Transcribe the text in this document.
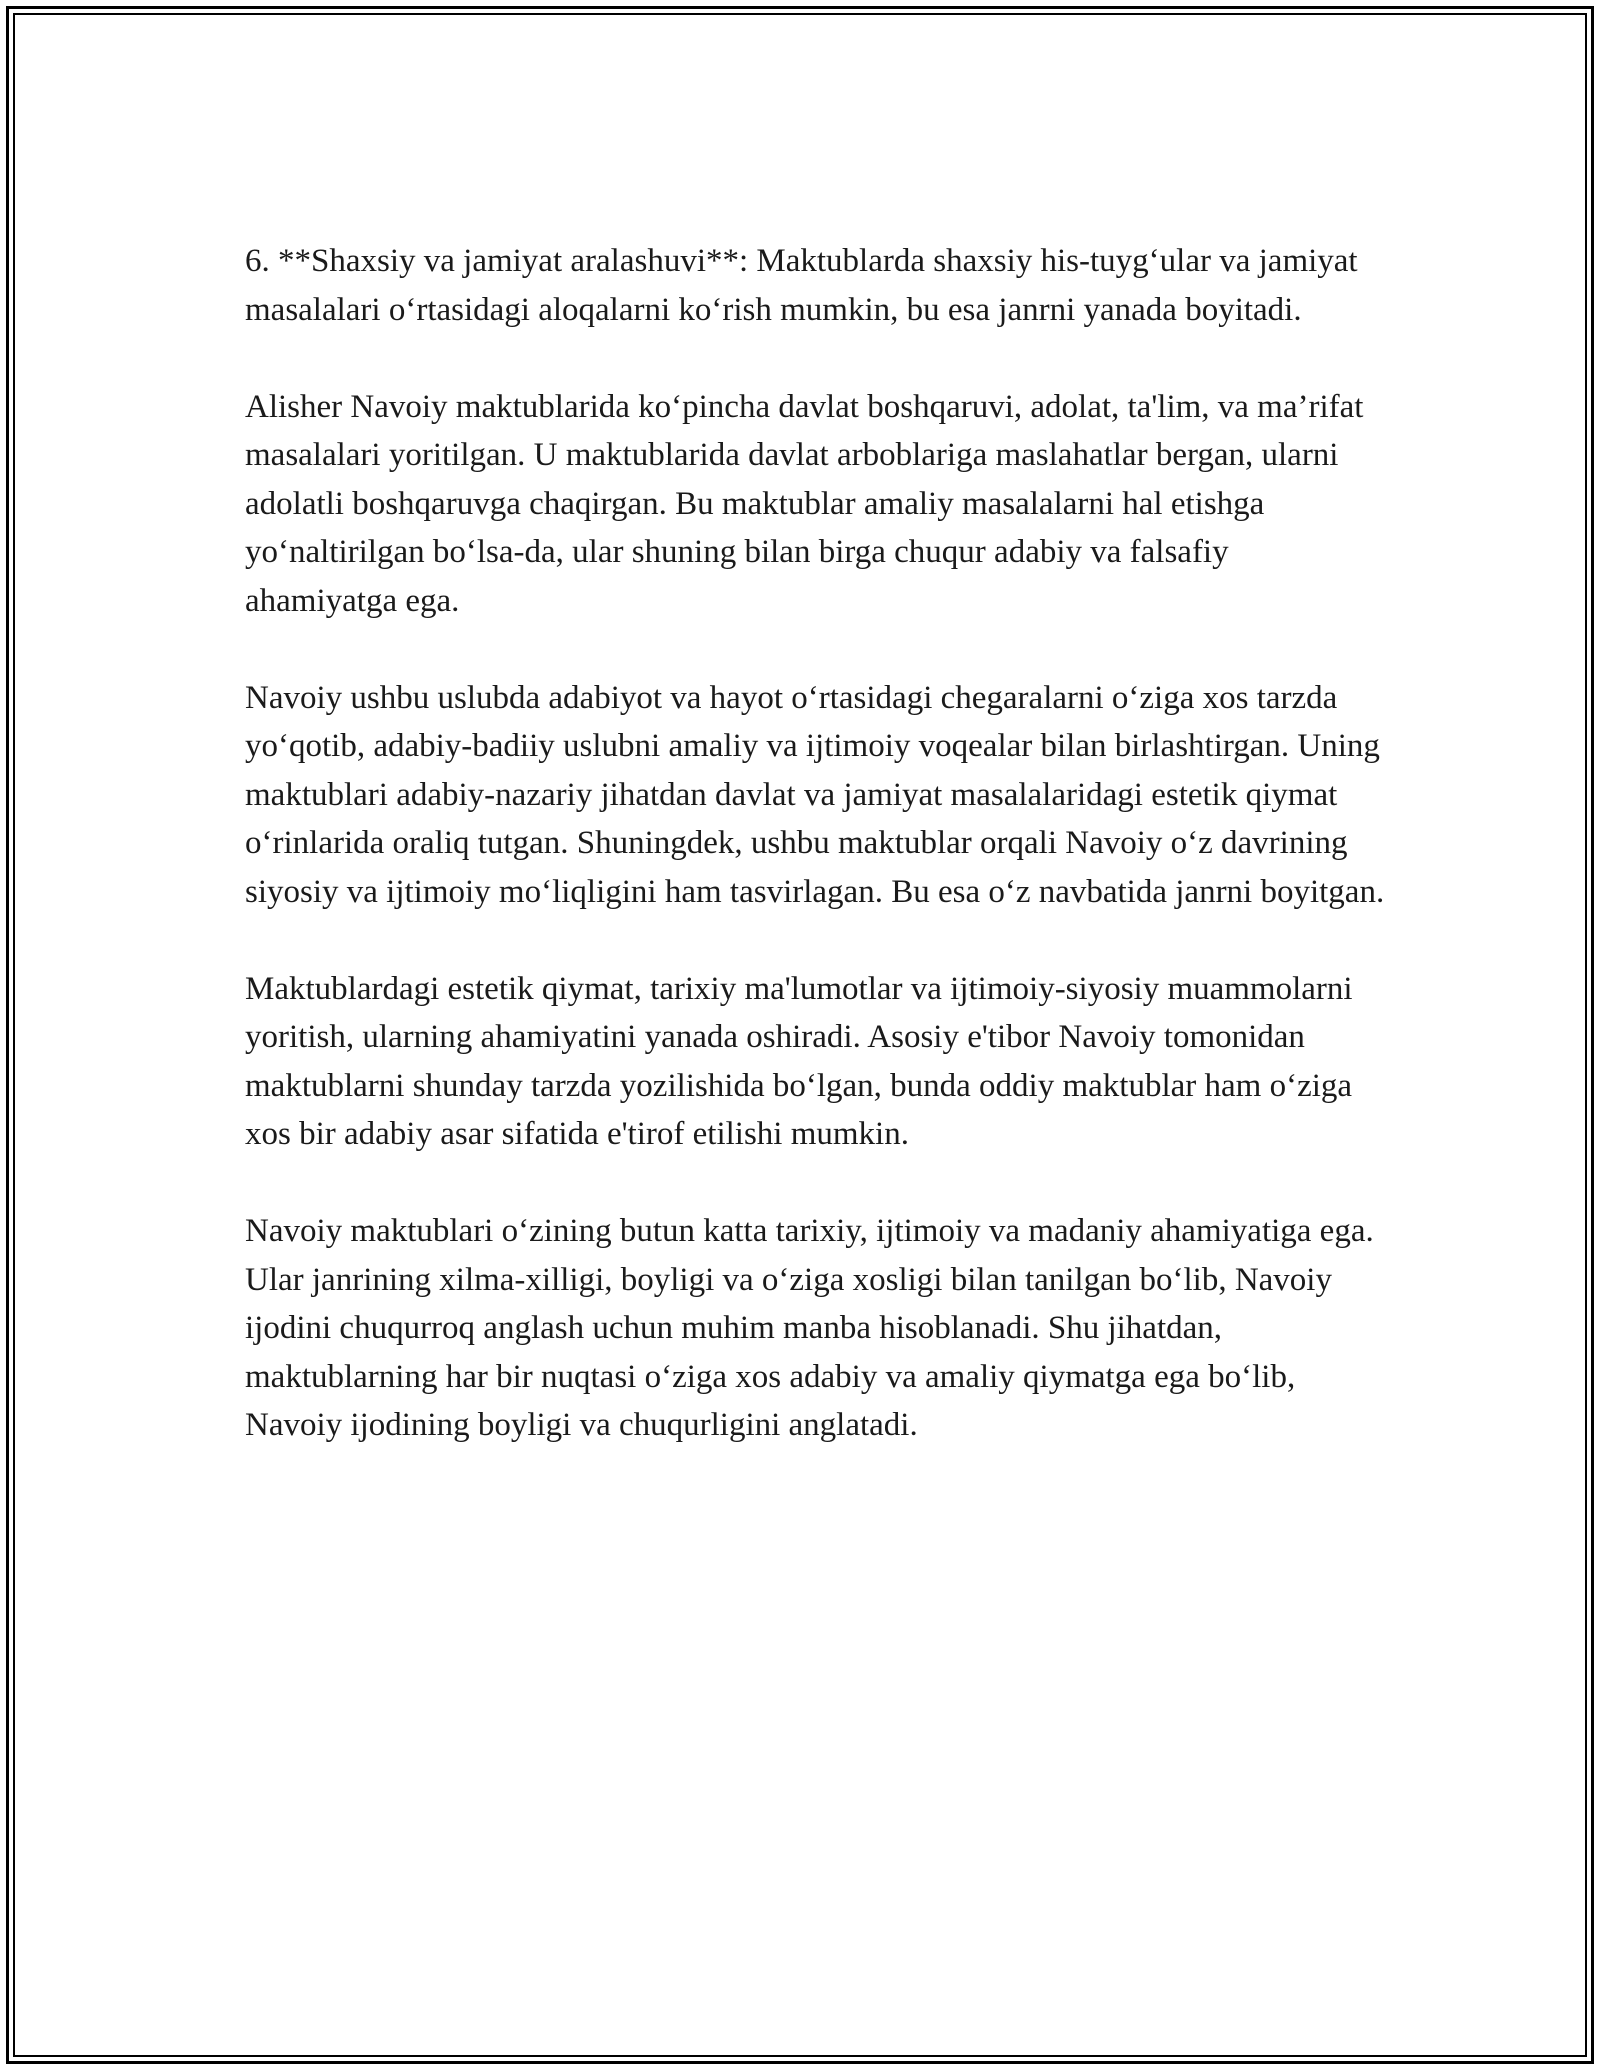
6. **Shaxsiy va jamiyat aralashuvi**: Maktublarda shaxsiy his-tuyg‘ular va jamiyat masalalari o‘rtasidagi aloqalarni ko‘rish mumkin, bu esa janrni yanada boyitadi.

Alisher Navoiy maktublarida ko‘pincha davlat boshqaruvi, adolat, ta'lim, va ma’rifat masalalari yoritilgan. U maktublarida davlat arboblariga maslahatlar bergan, ularni adolatli boshqaruvga chaqirgan. Bu maktublar amaliy masalalarni hal etishga yo‘naltirilgan bo‘lsa-da, ular shuning bilan birga chuqur adabiy va falsafiy ahamiyatga ega.

Navoiy ushbu uslubda adabiyot va hayot o‘rtasidagi chegaralarni o‘ziga xos tarzda yo‘qotib, adabiy-badiiy uslubni amaliy va ijtimoiy voqealar bilan birlashtirgan. Uning maktublari adabiy-nazariy jihatdan davlat va jamiyat masalalaridagi estetik qiymat o‘rinlarida oraliq tutgan. Shuningdek, ushbu maktublar orqali Navoiy o‘z davrining siyosiy va ijtimoiy mo‘liqligini ham tasvirlagan. Bu esa o‘z navbatida janrni boyitgan.

Maktublardagi estetik qiymat, tarixiy ma'lumotlar va ijtimoiy-siyosiy muammolarni yoritish, ularning ahamiyatini yanada oshiradi. Asosiy e'tibor Navoiy tomonidan maktublarni shunday tarzda yozilishida bo‘lgan, bunda oddiy maktublar ham o‘ziga xos bir adabiy asar sifatida e'tirof etilishi mumkin.

Navoiy maktublari o‘zining butun katta tarixiy, ijtimoiy va madaniy ahamiyatiga ega. Ular janrining xilma-xilligi, boyligi va o‘ziga xosligi bilan tanilgan bo‘lib, Navoiy ijodini chuqurroq anglash uchun muhim manba hisoblanadi. Shu jihatdan, maktublarning har bir nuqtasi o‘ziga xos adabiy va amaliy qiymatga ega bo‘lib, Navoiy ijodining boyligi va chuqurligini anglatadi.
